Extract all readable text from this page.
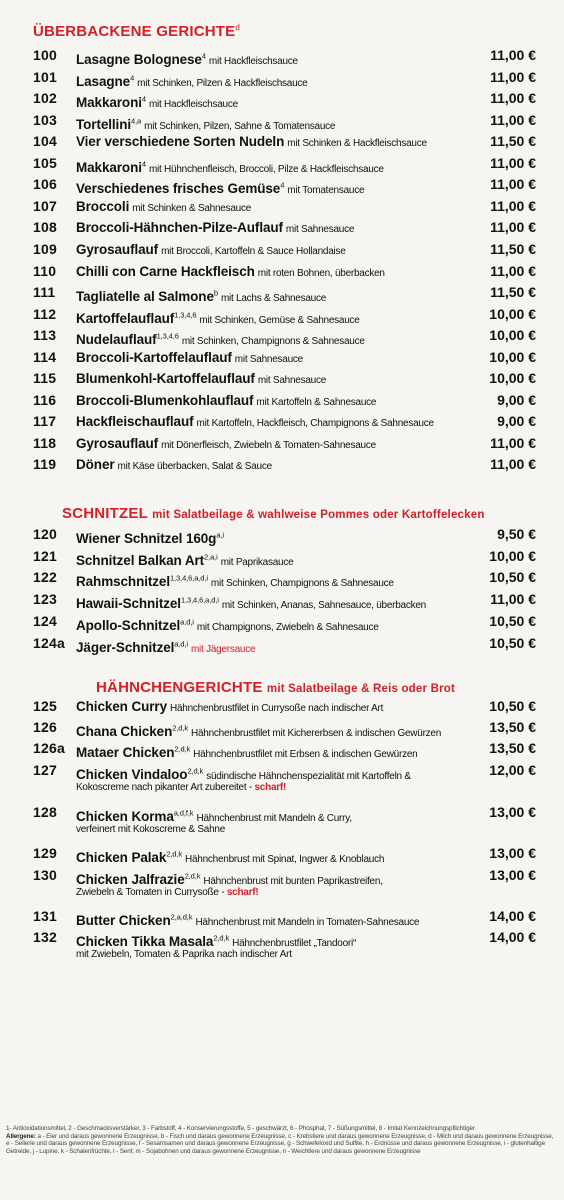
ÜBERBACKENE GERICHTE$^d$
100 Lasagne Bolognese$^4$ mit Hackfleischsauce	11,00 €
101 Lasagne$^4$ mit Schinken, Pilzen & Hackfleischsauce	11,00 €
102 Makkaroni$^4$ mit Hackfleischsauce	11,00 €
103 Tortellini$^{4,a}$ mit Schinken, Pilzen, Sahne & Tomatensauce	11,00 €
104 Vier verschiedene Sorten Nudeln mit Schinken & Hackfleischsauce	11,50 €
105 Makkaroni$^4$ mit Hühnchenfleisch, Broccoli, Pilze & Hackfleischsauce	11,00 €
106 Verschiedenes frisches Gemüse$^4$ mit Tomatensauce	11,00 €
107 Broccoli mit Schinken & Sahnesauce	11,00 €
108 Broccoli-Hähnchen-Pilze-Auflauf mit Sahnesauce	11,00 €
109 Gyrosauflauf mit Broccoli, Kartoffeln & Sauce Hollandaise	11,50 €
110 Chilli con Carne Hackfleisch mit roten Bohnen, überbacken	11,00 €
111 Tagliatelle al Salmone$^b$ mit Lachs & Sahnesauce	11,50 €
112 Kartoffelauflauf$^{1,3,4,6}$ mit Schinken, Gemüse & Sahnesauce	10,00 €
113 Nudelauflauf$^{1,3,4,6}$ mit Schinken, Champignons & Sahnesauce	10,00 €
114 Broccoli-Kartoffelauflauf mit Sahnesauce	10,00 €
115 Blumenkohl-Kartoffelauflauf mit Sahnesauce	10,00 €
116 Broccoli-Blumenkohlauflauf mit Kartoffeln & Sahnesauce	9,00 €
117 Hackfleischauflauf mit Kartoffeln, Hackfleisch, Champignons & Sahnesauce	9,00 €
118 Gyrosauflauf mit Dönerfleisch, Zwiebeln & Tomaten-Sahnesauce	11,00 €
119 Döner mit Käse überbacken, Salat & Sauce	11,00 €
SCHNITZEL mit Salatbeilage & wahlweise Pommes oder Kartoffelecken
120 Wiener Schnitzel $160g^{a,i}$	9,50 €
121 Schnitzel Balkan Art$^{2,a,i}$ mit Paprikasauce	10,00 €
122 Rahmschnitzel$^{1,3,4,6,a,d,i}$ mit Schinken, Champignons & Sahnesauce	10,50 €
123 Hawaii-Schnitzel$^{1,3,4,6,a,d,i}$ mit Schinken, Ananas, Sahnesauce, überbacken	11,00 €
124 Apollo-Schnitzel$^{a,d,i}$ mit Champignons, Zwiebeln & Sahnesauce	10,50 €
124a Jäger-Schnitzel$^{a,d,i}$ mit Jägersauce	10,50 €
HÄHNCHENGERICHTE mit Salatbeilage & Reis oder Brot
125 Chicken Curry Hähnchenbrustfilet in Currysoße nach indischer Art	10,50 €
126 Chana Chicken$^{2,d,k}$ Hähnchenbrustfilet mit Kichererbsen & indischen Gewürzen	13,50 €
126a Mataer Chicken$^{2,d,k}$ Hähnchenbrustfilet mit Erbsen & indischen Gewürzen	13,50 €
127 Chicken Vindaloo$^{2,d,k}$ südindische Hähnchenspezialität mit Kartoffeln &	12,00 €
Kokoscreme nach pikanter Art zubereitet - scharf!
128 Chicken Korma$^{a,d,f,k}$ Hähnchenbrust mit Mandeln & Curry,	13,00 €
verfeinert mit Kokoscreme & Sahne
129 Chicken Palak$^{2,d,k}$ Hähnchenbrust mit Spinat, Ingwer & Knoblauch	13,00 €
130 Chicken Jalfrazie$^{2,d,k}$ Hähnchenbrust mit bunten Paprikastreifen,	13,00 €
Zwiebeln & Tomaten in Currysoße - scharf!
131 Butter Chicken$^{2,a,d,k}$ Hähnchenbrust mit Mandeln in Tomaten-Sahnesauce	14,00 €
132 Chicken Tikka Masala$^{2,d,k}$ Hähnchenbrustfilet „Tandoori“	14,00 €
mit Zwiebeln, Tomaten & Paprika nach indischer Art
1- Antioxidationsmittel, 2 - Geschmacksverstärker, 3 - Farbstoff, 4 - Konservierungsstoffe, 5 - geschwärzt, 6 - Phosphat, 7 - Süßungsmittel, 8 - Imitat Kennzeichnungspflichtiger
Allergene: a - Eier und daraus gewonnene Erzeugnisse, b - Fisch und daraus gewonnene Erzeugnisse, c - Krebstiere und daraus gewonnene Erzeugnisse, d - Milch und daraus gewonnene Erzeugnisse, e - Sellerie und daraus gewonnene Erzeugnisse, f - Sesamsamen und daraus gewonnene Erzeugnisse, g - Schwefeloxid und Sulfite, h - Erdnüsse und daraus gewonnene Erzeugnisse, i - glutenhaltige Getreide, j - Lupine, k - Schalenfrüchte, l - Senf, m - Sojabohnen und daraus gewonnene Erzeugnisse, n - Weichtiere und daraus gewonnene Erzeugnisse
